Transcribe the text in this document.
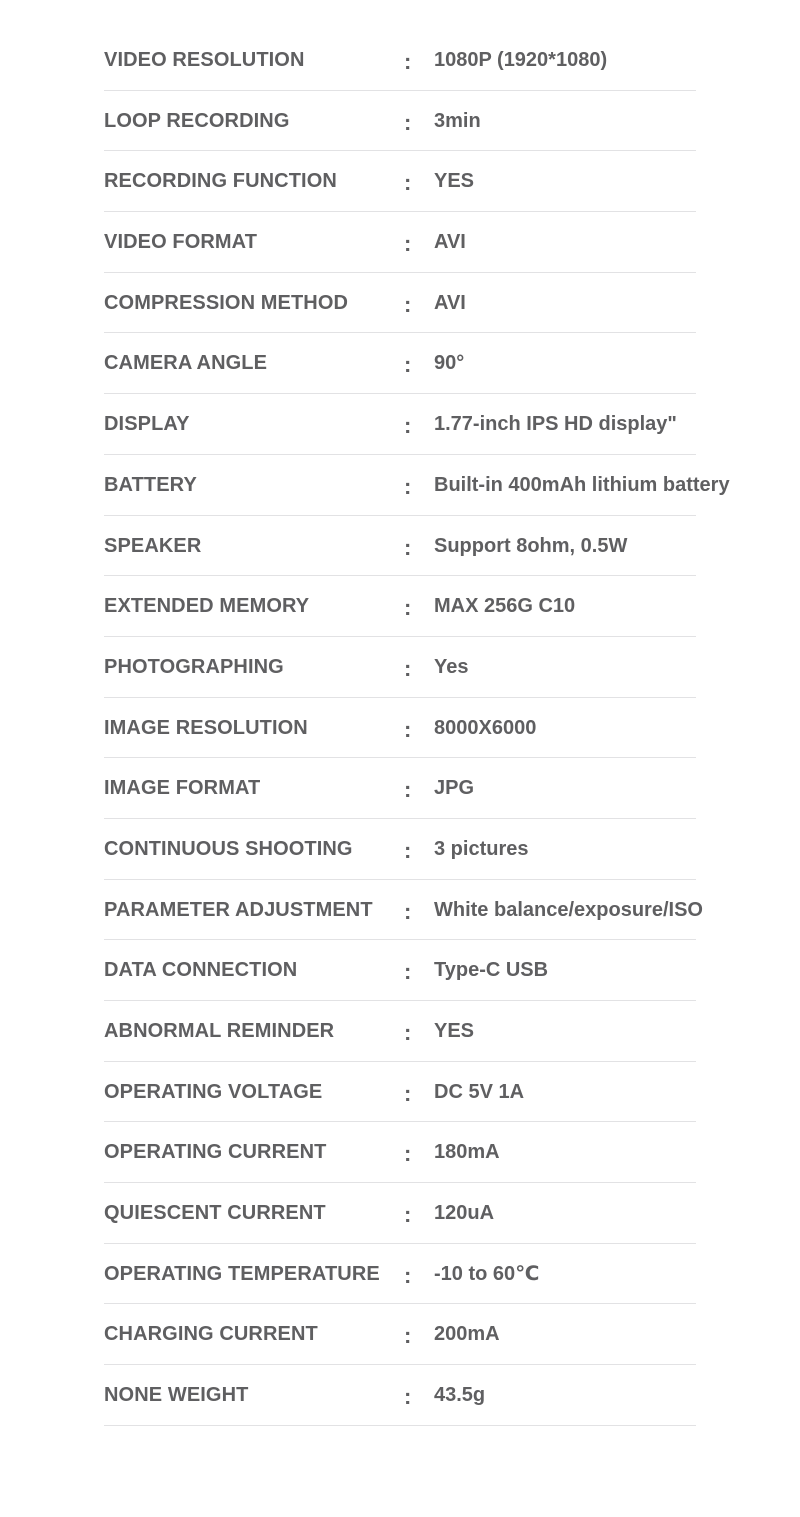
VIDEO RESOLUTION	: 1080P (1920*1080)
LOOP RECORDING	: 3min
RECORDING FUNCTION	: YES
VIDEO FORMAT	: AVI
COMPRESSION METHOD	: AVI
CAMERA ANGLE	: 90°
DISPLAY	: 1.77-inch IPS HD display"
BATTERY	: Built-in 400mAh lithium battery
SPEAKER	: Support 8ohm, 0.5W
EXTENDED MEMORY	: MAX 256G C10
PHOTOGRAPHING	: Yes
IMAGE RESOLUTION	: 8000X6000
IMAGE FORMAT	: JPG
CONTINUOUS SHOOTING : 3 pictures
PARAMETER ADJUSTMENT : White balance/exposure/ISO
DATA CONNECTION	: Type-C USB
ABNORMAL REMINDER	: YES
OPERATING VOLTAGE	: DC 5V 1A
OPERATING CURRENT	: 180mA
QUIESCENT CURRENT	: 120uA
OPERATING TEMPERATURE : -10 to 60℃
CHARGING CURRENT	: 200mA
NONE WEIGHT	: 43.5g
